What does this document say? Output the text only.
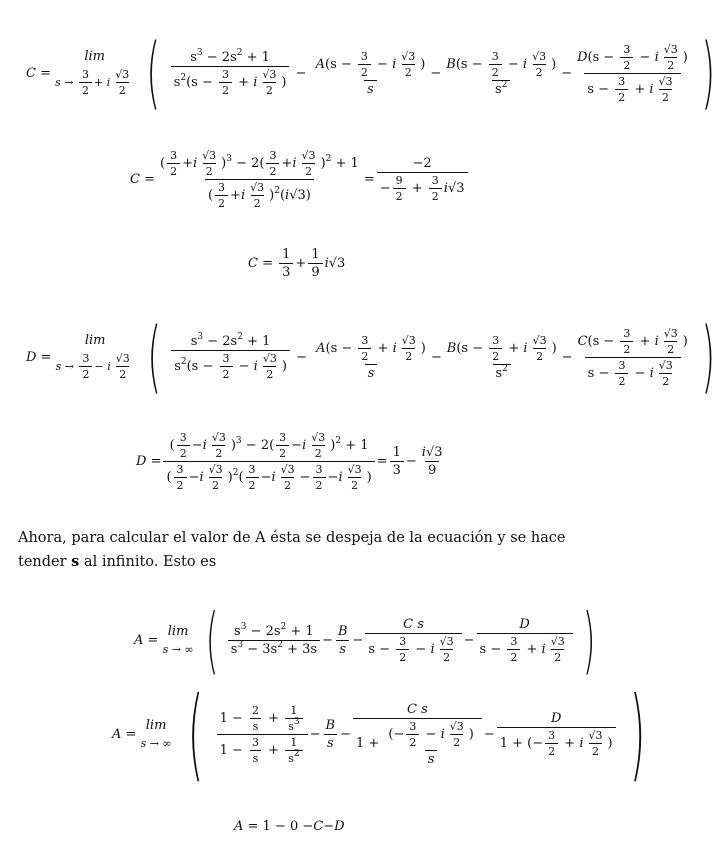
C =
lim
$s \to \frac{3}{2} + i \frac{√3}{2}$ ( $\frac{s^3 - 2s^2 + 1}{s^2(s - \frac{3}{2} + i \frac{√3}{2} )} - \frac{A(s - \frac{3}{2} - i \frac{√3}{2} )}{s} - \frac{B(s - \frac{3}{2} - i \frac{√3}{2} )}{s^2} - \frac{D(s - \frac{3}{2} - i \frac{√3}{2} )}{s - \frac{3}{2} + i \frac{√3}{2}}$ )
$C = \frac{( \frac{3}{2} +i \frac{√3}{2} )^3 - 2( \frac{3}{2} +i \frac{√3}{2} )^2 + 1}{( \frac{3}{2} +i \frac{√3}{2} )^2(i√3)} = \frac{-2}{- \frac{9}{2} + \frac{3}{2} i√3}$
$C = \frac{1}{3} + \frac{1}{9}$ i √3
D =
lim
$s \to \frac{3}{2} - i \frac{√3}{2}$ ( $\frac{s^3 - 2s^2 + 1}{s^2(s - \frac{3}{2} - i \frac{√3}{2} )} - \frac{A(s - \frac{3}{2} + i \frac{√3}{2} )}{s} - \frac{B(s - \frac{3}{2} + i \frac{√3}{2} )}{s^2} - \frac{C(s - \frac{3}{2} + i \frac{√3}{2} )}{s - \frac{3}{2} - i \frac{√3}{2}}$ )
$D = \frac{( \frac{3}{2} -i \frac{√3}{2} )^3 - 2( \frac{3}{2} -i \frac{√3}{2} )^2 + 1}{( \frac{3}{2} -i \frac{√3}{2} )^2( \frac{3}{2} -i \frac{√3}{2} - \frac{3}{2} -i \frac{√3}{2} )} = \frac{1}{3} - \frac{i√3}{9}$
Ahora, para calcular el valor de A ésta se despeja de la ecuación y se hace
tender s al infinito. Esto es
A =
lim
s → ∞ ( $\frac{s^3 - 2s^2 + 1}{s^3 - 3s^2 + 3s} - \frac{B}{s} - \frac{\text{C s}}{s - \frac{3}{2} - i \frac{√3}{2}} - \frac{D}{s - \frac{3}{2} + i \frac{√3}{2}}$ )
A =
lim
s → ∞ ( $\frac{1 - \frac{2}{s} + \frac{1}{s^3}}{1 - \frac{3}{s} + \frac{1}{s^2}} - \frac{B}{s} - \frac{\text{C s}}{1 + \frac{(- \frac{3}{2} - i \frac{√3}{2} )}{s}} - \frac{D}{1 + (- \frac{3}{2} + i \frac{√3}{2} )}$ )
A = 1 − 0 − C − D
